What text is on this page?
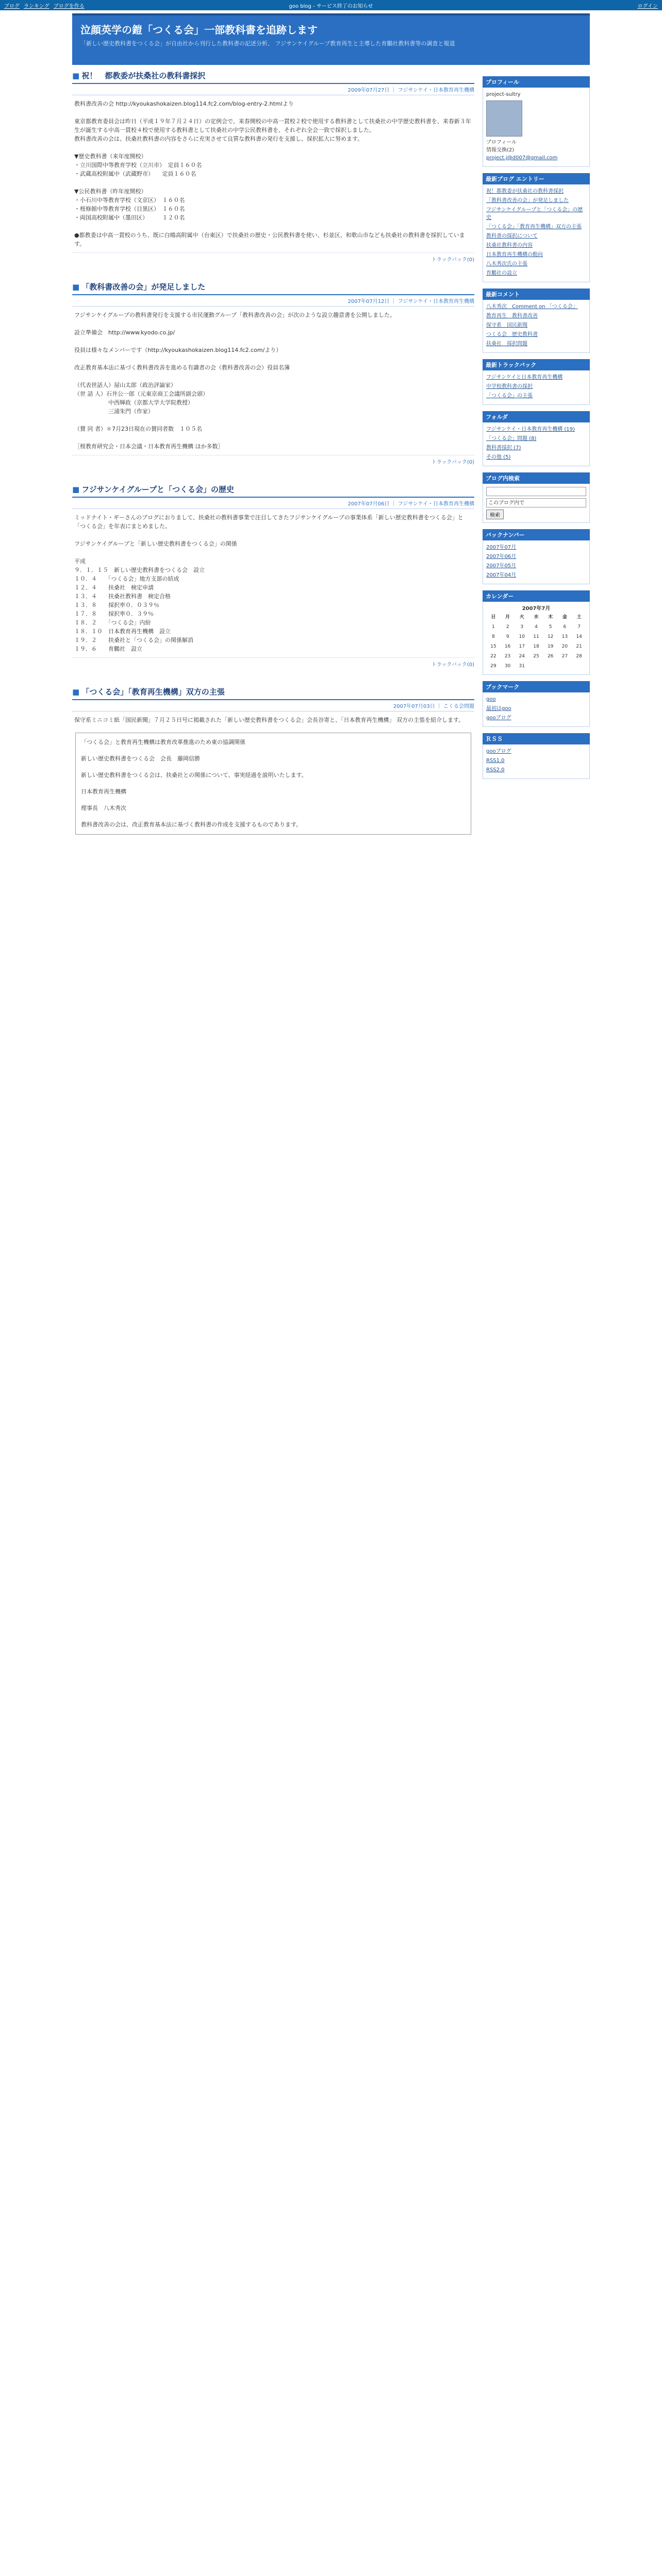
ブログ ランキング ブログを作る	goo blog - サービス終了のお知らせ	ログイン
泣顔英学の鎧「つくる会」一部教科書を追跡します
「新しい歴史教科書をつくる会」が自由社から刊行した教科書の記述分析、 フジサンケイグループ教育再生と主導した育鵬社教科書等の調査と報道
■ 祝！　都教委が扶桑社の教科書採択
2009年07月27日 ｜ フジサンケイ・日本教育再生機構
教科書改善の会 http://kyoukashokaizen.blog114.fc2.com/blog-entry-2.htmlより

東京都教育委員会は昨日（平成１９年７月２４日）の定例会で、来春開校の中高一貫校２校で使用する教科書として扶桑社の中学歴史教科書を、来春新３年生が誕生する中高一貫校４校で使用する教科書として扶桑社の中学公民教科書を、それぞれ全会一致で採択しました。
教科書改善の会は、扶桑社教科書の内容をさらに充実させて良質な教科書の発行を支援し、採択拡大に努めます。

▼歴史教科書（来年度開校）
・立川国際中等教育学校（立川市）　定員１６０名
・武蔵高校附属中（武蔵野市）　　定員１６０名

▼公民教科書（昨年度開校）
・小石川中等教育学校（文京区）　１６０名
・桜修館中等教育学校（目黒区）　１６０名
・両国高校附属中（墨田区）　　　１２０名

●都教委は中高一貫校のうち、既に白鴎高附属中（台東区）で扶桑社の歴史・公民教科書を使い、杉並区、和歌山市なども扶桑社の教科書を採択しています。
トラックバック(0)
■ 「教科書改善の会」が発足しました
2007年07月12日 ｜ フジサンケイ・日本教育再生機構
フジサンケイグループの教科書発行を支援する市民運動グループ「教科書改善の会」が次のような設立趣意書を公開しました。

設立準備会　http://www.kyodo.co.jp/

役員は様々なメンバーです（http://kyoukashokaizen.blog114.fc2.com/より）

改正教育基本法に基づく教科書改善を進める有識者の会（教科書改善の会）役員名簿

（代表世話人）屋山太郎（政治評論家）
（世 話 人）石井公一郎（元東京商工会議所副会頭）
　　　　　　中西輝政（京都大学大学院教授）
　　　　　　三浦朱門（作家）

（賛 同 者）＊7月23日現在の賛同者数　１０５名

［桜教育研究会・日本会議・日本教育再生機構 ほか多数］
トラックバック(0)
■ フジサンケイグループと「つくる会」の歴史
2007年07月06日 ｜ フジサンケイ・日本教育再生機構
ミッドナイト・ギーさんのブログにおりまして、扶桑社の教科書事業で注目してきたフジサンケイグループの事業体系「新しい歴史教科書をつくる会」と「つくる会」を年表にまとめました。

フジサンケイグループと「新しい歴史教科書をつくる会」の関係

平成
９．１．１５　新しい歴史教科書をつくる会　設立
１０．４　　「つくる会」地方支部の結成
１２．４　　扶桑社　検定申請
１３．４　　扶桑社教科書　検定合格
１３．８　　採択率０．０３９％
１７．８　　採択率０．３９％
１８．２　　「つくる会」内紛
１８．１０　日本教育再生機構　設立
１９．２　　扶桑社と「つくる会」の関係解消
１９．６　　育鵬社　設立
トラックバック(0)
■ 「つくる会」「教育再生機構」双方の主張
2007年07月03日 ｜ こくる会問題
保守系ミニコミ紙「国民新聞」７月２５日号に掲載された「新しい歴史教科書をつくる会」会長谷寄と、「日本教育再生機構」 双方の主張を紹介します。
「つくる会」と教育再生機構は教育改革推進のため東の協調関係

新しい歴史教科書をつくる会　会長　藤岡信勝

新しい歴史教科書をつくる会は、扶桑社との関係について、事実経過を説明いたします。

日本教育再生機構

理事長　八木秀次

教科書改善の会は、改正教育基本法に基づく教科書の作成を支援するものであります。
プロフィール
project-sultry
プロフィール
情報交換(2)
project.j@d007@gmail.com
最新プログ エントリー
祝！都教委が扶桑社の教科書採択
「教科書改善の会」が発足しました
フジサンケイグループと「つくる会」の歴史
「つくる会」「教育再生機構」双方の主張
教科書の採択について
扶桑社教科書の内容
日本教育再生機構の動向
八木秀次氏の主張
育鵬社の設立
最新コメント
八木秀次　Comment on 「つくる会」
教育再生　教科書改善
保守系　国民新聞
つくる会　歴史教科書
扶桑社　採択問題
最新トラックバック
フジサンケイと日本教育再生機構
中学校教科書の採択
「つくる会」の主張
フォルダ
フジサンケイ・日本教育再生機構 (19)
「つくる会」問題 (8)
教科書採択 (7)
その他 (5)
ブログ内検索
このブログ内で
検索
バックナンバー
2007年07月
2007年06月
2007年05月
2007年04月
カレンダー
2007年7月
日	月	火	水	木	金	土
1	2	3	4	5	6	7
8	9	10	11	12	13	14
15	16	17	18	19	20	21
22	23	24	25	26	27	28
29	30	31				
ブックマーク
goo
最初はgoo
gooブログ
ＲＳＳ
gooブログ
RSS1.0
RSS2.0
